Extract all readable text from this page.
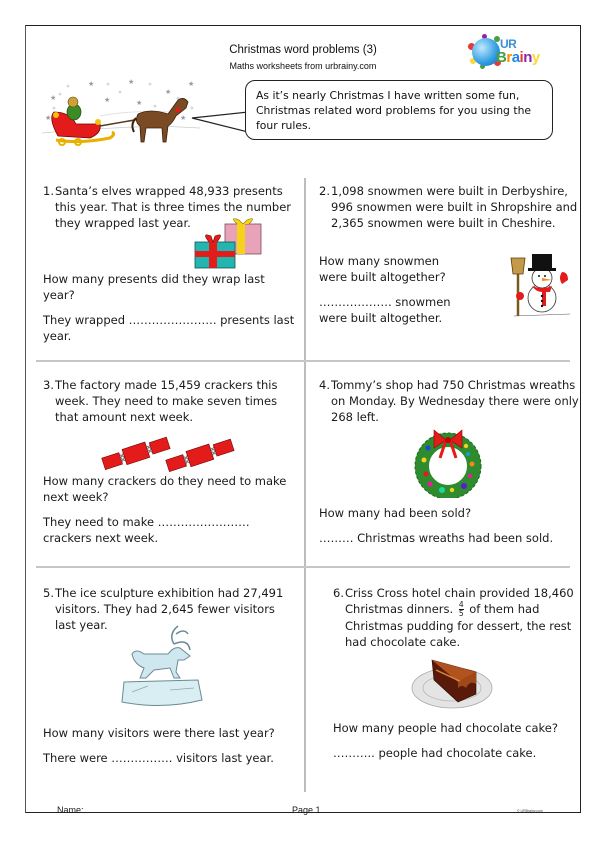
Christmas word problems (3)
Maths worksheets from urbrainy.com
UR
Brainy
★	★	★
★	★
★
★
★	★
As it’s nearly Christmas I have written some fun, Christmas related word problems for you using the four rules.
1. Santa’s elves wrapped 48,933 presents this year. That is three times the number they wrapped last year.

How many presents did they wrap last year?

They wrapped ………………….. presents last year.

2. 1,098 snowmen were built in Derbyshire, 996 snowmen were built in Shropshire and 2,365 snowmen were built in Cheshire.

How many snowmen were built altogether?

………………. snowmen were built altogether.

3. The factory made 15,459 crackers this week. They need to make seven times that amount next week.

How many crackers do they need to make next week?

They need to make …………………… crackers next week.

4. Tommy’s shop had 750 Christmas wreaths on Monday. By Wednesday there were only 268 left.

How many had been sold?

……… Christmas wreaths had been sold.

5. The ice sculpture exhibition had 27,491 visitors. They had 2,645 fewer visitors last year.

How many visitors were there last year?

There were ……………. visitors last year.

6. Criss Cross hotel chain provided 18,460 Christmas dinners. $\frac{4}{5}$ of them had Christmas pudding for dessert, the rest had chocolate cake.

How many people had chocolate cake?

……….. people had chocolate cake.

Name:	Page 1	© URBrainy.com
